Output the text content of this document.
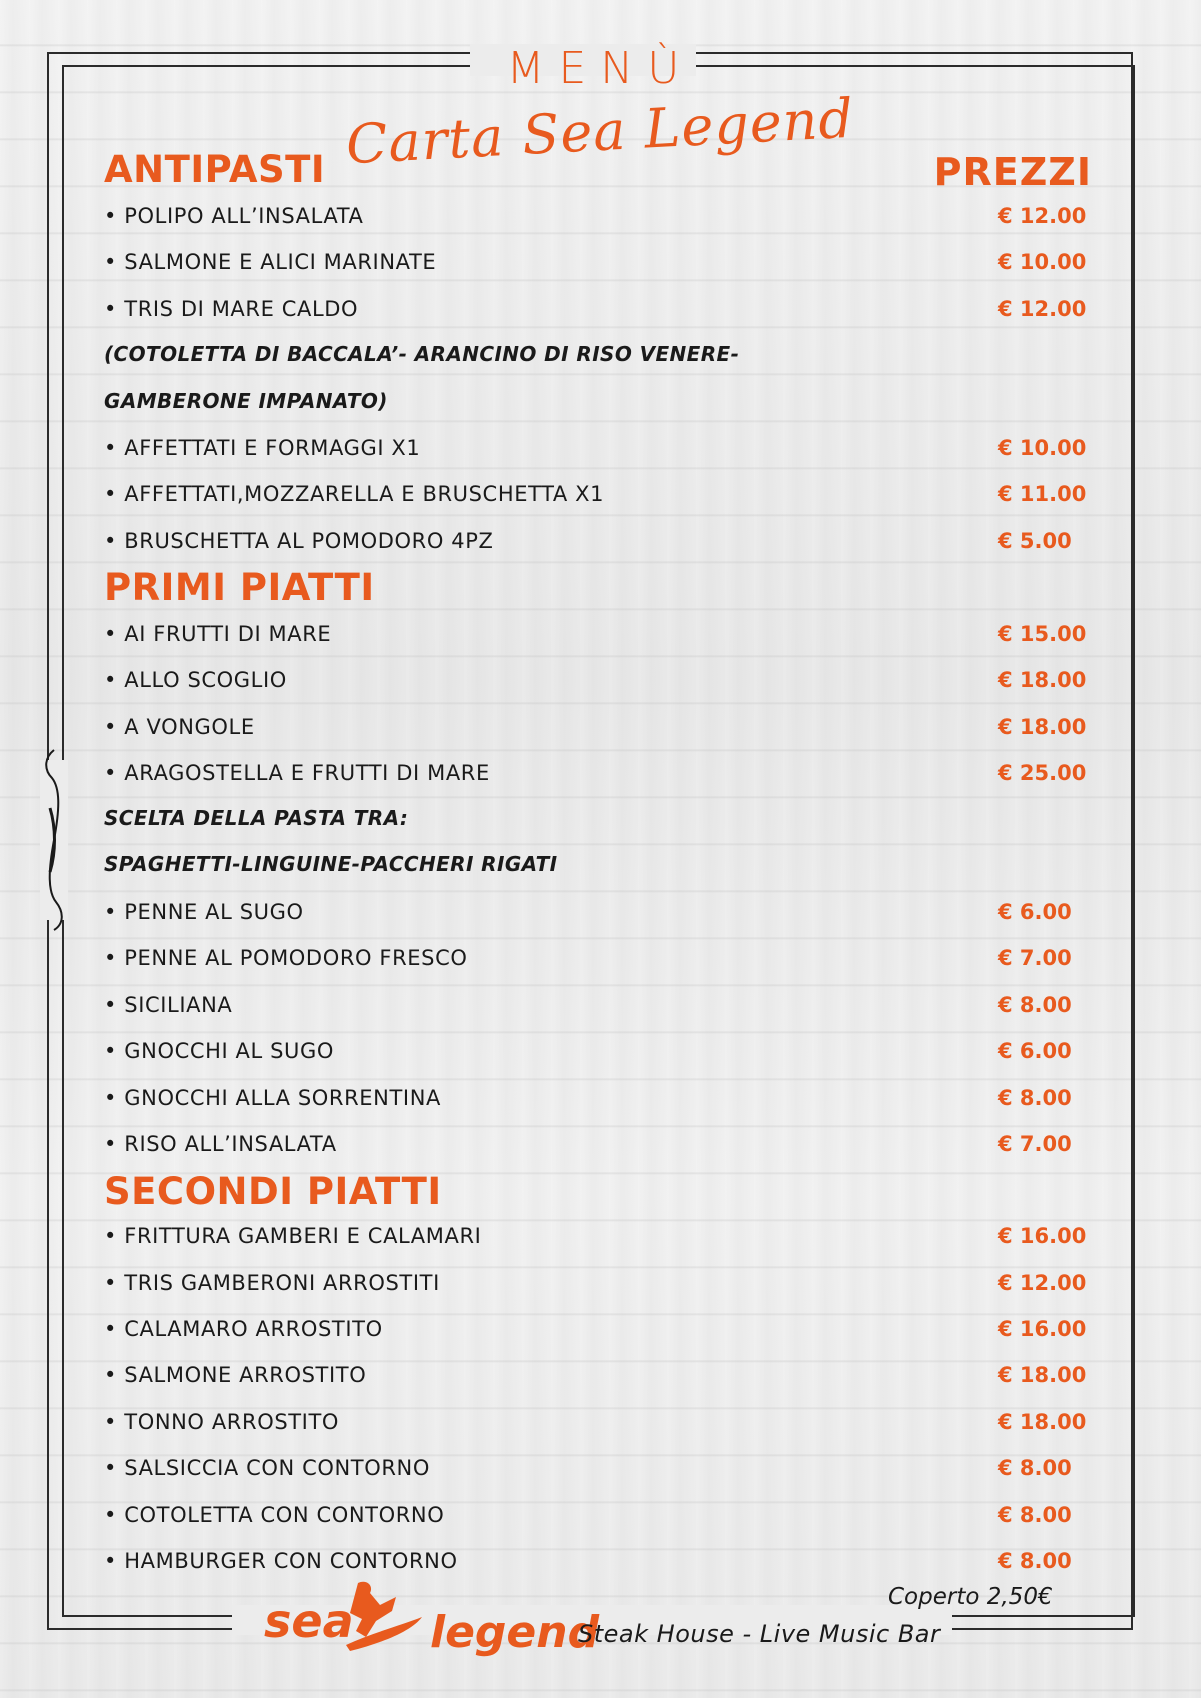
MENÙ
Carta Sea Legend
ANTIPASTI	PREZZI
• POLIPO ALL’INSALATA	€ 12.00
• SALMONE E ALICI MARINATE	€ 10.00
• TRIS DI MARE CALDO	€ 12.00
(COTOLETTA DI BACCALA’- ARANCINO DI RISO VENERE-
GAMBERONE IMPANATO)
• AFFETTATI E FORMAGGI X1	€ 10.00
• AFFETTATI,MOZZARELLA E BRUSCHETTA X1	€ 11.00
• BRUSCHETTA AL POMODORO 4PZ	€ 5.00
PRIMI PIATTI
• AI FRUTTI DI MARE	€ 15.00
• ALLO SCOGLIO	€ 18.00
• A VONGOLE	€ 18.00
• ARAGOSTELLA E FRUTTI DI MARE	€ 25.00
SCELTA DELLA PASTA TRA:
SPAGHETTI-LINGUINE-PACCHERI RIGATI
• PENNE AL SUGO	€ 6.00
• PENNE AL POMODORO FRESCO	€ 7.00
• SICILIANA	€ 8.00
• GNOCCHI AL SUGO	€ 6.00
• GNOCCHI ALLA SORRENTINA	€ 8.00
• RISO ALL’INSALATA	€ 7.00
SECONDI PIATTI
• FRITTURA GAMBERI E CALAMARI	€ 16.00
• TRIS GAMBERONI ARROSTITI	€ 12.00
• CALAMARO ARROSTITO	€ 16.00
• SALMONE ARROSTITO	€ 18.00
• TONNO ARROSTITO	€ 18.00
• SALSICCIA CON CONTORNO	€ 8.00
• COTOLETTA CON CONTORNO	€ 8.00
• HAMBURGER CON CONTORNO	€ 8.00
Coperto 2,50€
sea legend
Steak House - Live Music Bar
